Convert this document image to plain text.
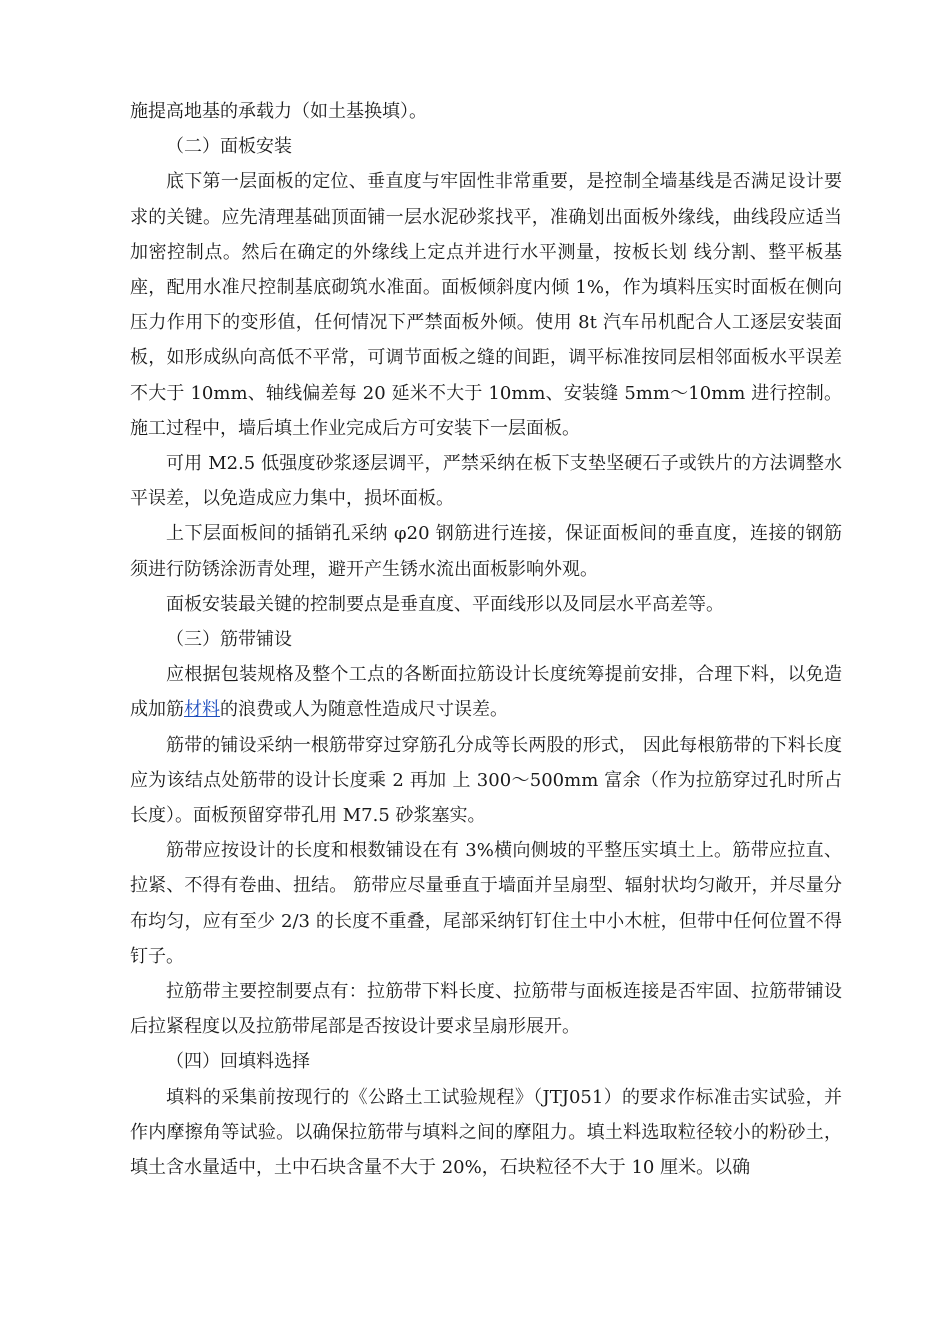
施提高地基的承载力（如土基换填）。

（二）面板安装

底下第一层面板的定位、垂直度与牢固性非常重要，是控制全墙基线是否满足设计要求的关键。应先清理基础顶面铺一层水泥砂浆找平，准确划出面板外缘线，曲线段应适当加密控制点。然后在确定的外缘线上定点并进行水平测量，按板长划 线分割、整平板基座，配用水准尺控制基底砌筑水准面。面板倾斜度内倾 1%，作为填料压实时面板在侧向压力作用下的变形值，任何情况下严禁面板外倾。使用 8t 汽车吊机配合人工逐层安装面板，如形成纵向高低不平常，可调节面板之缝的间距，调平标准按同层相邻面板水平误差不大于 10mm、轴线偏差每 20 延米不大于 10mm、安装缝 5mm～10mm 进行控制。施工过程中，墙后填土作业完成后方可安装下一层面板。

可用 M2.5 低强度砂浆逐层调平，严禁采纳在板下支垫坚硬石子或铁片的方法调整水平误差，以免造成应力集中，损坏面板。

上下层面板间的插销孔采纳 φ20 钢筋进行连接，保证面板间的垂直度，连接的钢筋须进行防锈涂沥青处理，避开产生锈水流出面板影响外观。

面板安装最关键的控制要点是垂直度、平面线形以及同层水平高差等。

（三）筋带铺设

应根据包装规格及整个工点的各断面拉筋设计长度统筹提前安排，合理下料，以免造成加筋材料的浪费或人为随意性造成尺寸误差。

筋带的铺设采纳一根筋带穿过穿筋孔分成等长两股的形式， 因此每根筋带的下料长度应为该结点处筋带的设计长度乘 2 再加 上 300～500mm 富余（作为拉筋穿过孔时所占长度）。面板预留穿带孔用 M7.5 砂浆塞实。

筋带应按设计的长度和根数铺设在有 3%横向侧坡的平整压实填土上。筋带应拉直、拉紧、不得有卷曲、扭结。 筋带应尽量垂直于墙面并呈扇型、辐射状均匀敞开，并尽量分布均匀，应有至少 2/3 的长度不重叠，尾部采纳钉钉住土中小木桩，但带中任何位置不得钉子。

拉筋带主要控制要点有：拉筋带下料长度、拉筋带与面板连接是否牢固、拉筋带铺设后拉紧程度以及拉筋带尾部是否按设计要求呈扇形展开。

（四）回填料选择

填料的采集前按现行的《公路土工试验规程》（JTJ051）的要求作标准击实试验，并作内摩擦角等试验。以确保拉筋带与填料之间的摩阻力。填土料选取粒径较小的粉砂土，填土含水量适中，土中石块含量不大于 20%，石块粒径不大于 10 厘米。以确
